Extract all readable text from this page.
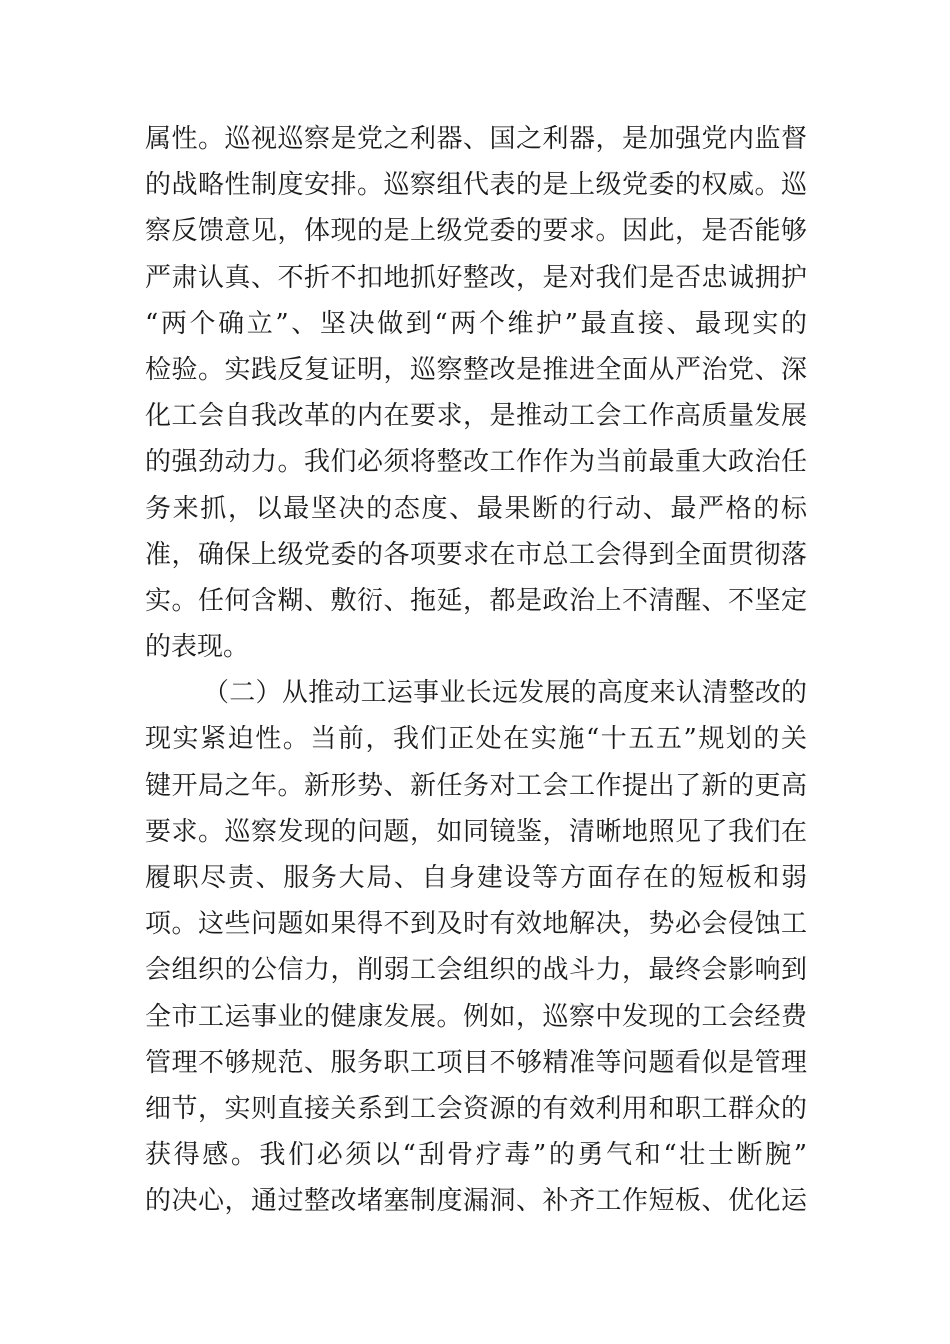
属性。巡视巡察是党之利器、国之利器，是加强党内监督
的战略性制度安排。巡察组代表的是上级党委的权威。巡
察反馈意见，体现的是上级党委的要求。因此，是否能够
严肃认真、不折不扣地抓好整改，是对我们是否忠诚拥护
“两个确立”、坚决做到“两个维护”最直接、最现实的
检验。实践反复证明，巡察整改是推进全面从严治党、深
化工会自我改革的内在要求，是推动工会工作高质量发展
的强劲动力。我们必须将整改工作作为当前最重大政治任
务来抓，以最坚决的态度、最果断的行动、最严格的标
准，确保上级党委的各项要求在市总工会得到全面贯彻落
实。任何含糊、敷衍、拖延，都是政治上不清醒、不坚定
的表现。
（二）从推动工运事业长远发展的高度来认清整改的
现实紧迫性。当前，我们正处在实施“十五五”规划的关
键开局之年。新形势、新任务对工会工作提出了新的更高
要求。巡察发现的问题，如同镜鉴，清晰地照见了我们在
履职尽责、服务大局、自身建设等方面存在的短板和弱
项。这些问题如果得不到及时有效地解决，势必会侵蚀工
会组织的公信力，削弱工会组织的战斗力，最终会影响到
全市工运事业的健康发展。例如，巡察中发现的工会经费
管理不够规范、服务职工项目不够精准等问题看似是管理
细节，实则直接关系到工会资源的有效利用和职工群众的
获得感。我们必须以“刮骨疗毒”的勇气和“壮士断腕”
的决心，通过整改堵塞制度漏洞、补齐工作短板、优化运
